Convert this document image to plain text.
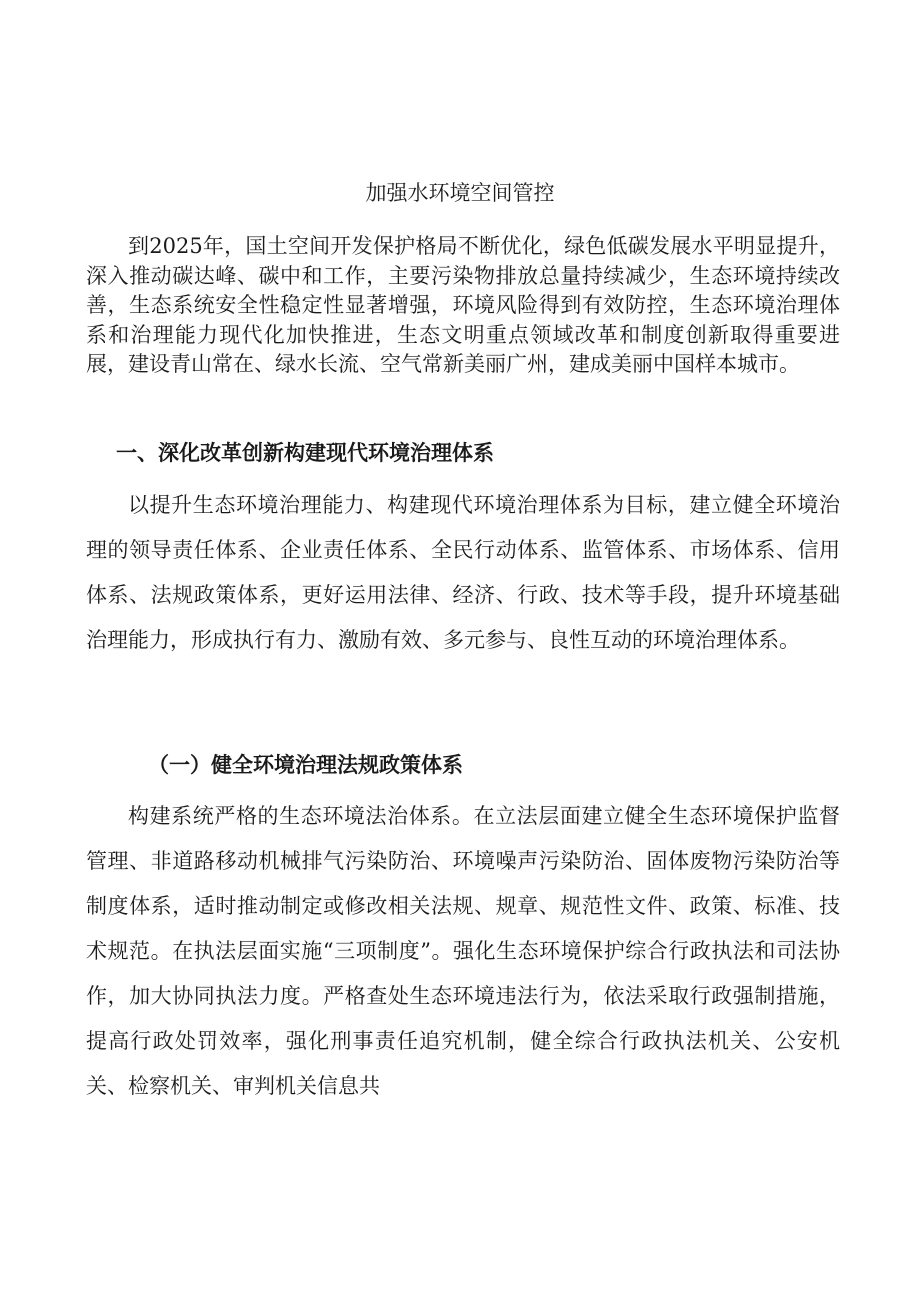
加强水环境空间管控

到2025年，国土空间开发保护格局不断优化，绿色低碳发展水平明显提升，深入推动碳达峰、碳中和工作，主要污染物排放总量持续减少，生态环境持续改善，生态系统安全性稳定性显著增强，环境风险得到有效防控，生态环境治理体系和治理能力现代化加快推进，生态文明重点领域改革和制度创新取得重要进展，建设青山常在、绿水长流、空气常新美丽广州，建成美丽中国样本城市。

一、深化改革创新构建现代环境治理体系

以提升生态环境治理能力、构建现代环境治理体系为目标，建立健全环境治理的领导责任体系、企业责任体系、全民行动体系、监管体系、市场体系、信用体系、法规政策体系，更好运用法律、经济、行政、技术等手段，提升环境基础治理能力，形成执行有力、激励有效、多元参与、良性互动的环境治理体系。

（一）健全环境治理法规政策体系

构建系统严格的生态环境法治体系。在立法层面建立健全生态环境保护监督管理、非道路移动机械排气污染防治、环境噪声污染防治、固体废物污染防治等制度体系，适时推动制定或修改相关法规、规章、规范性文件、政策、标准、技术规范。在执法层面实施“三项制度”。强化生态环境保护综合行政执法和司法协作，加大协同执法力度。严格查处生态环境违法行为，依法采取行政强制措施，提高行政处罚效率，强化刑事责任追究机制，健全综合行政执法机关、公安机关、检察机关、审判机关信息共
